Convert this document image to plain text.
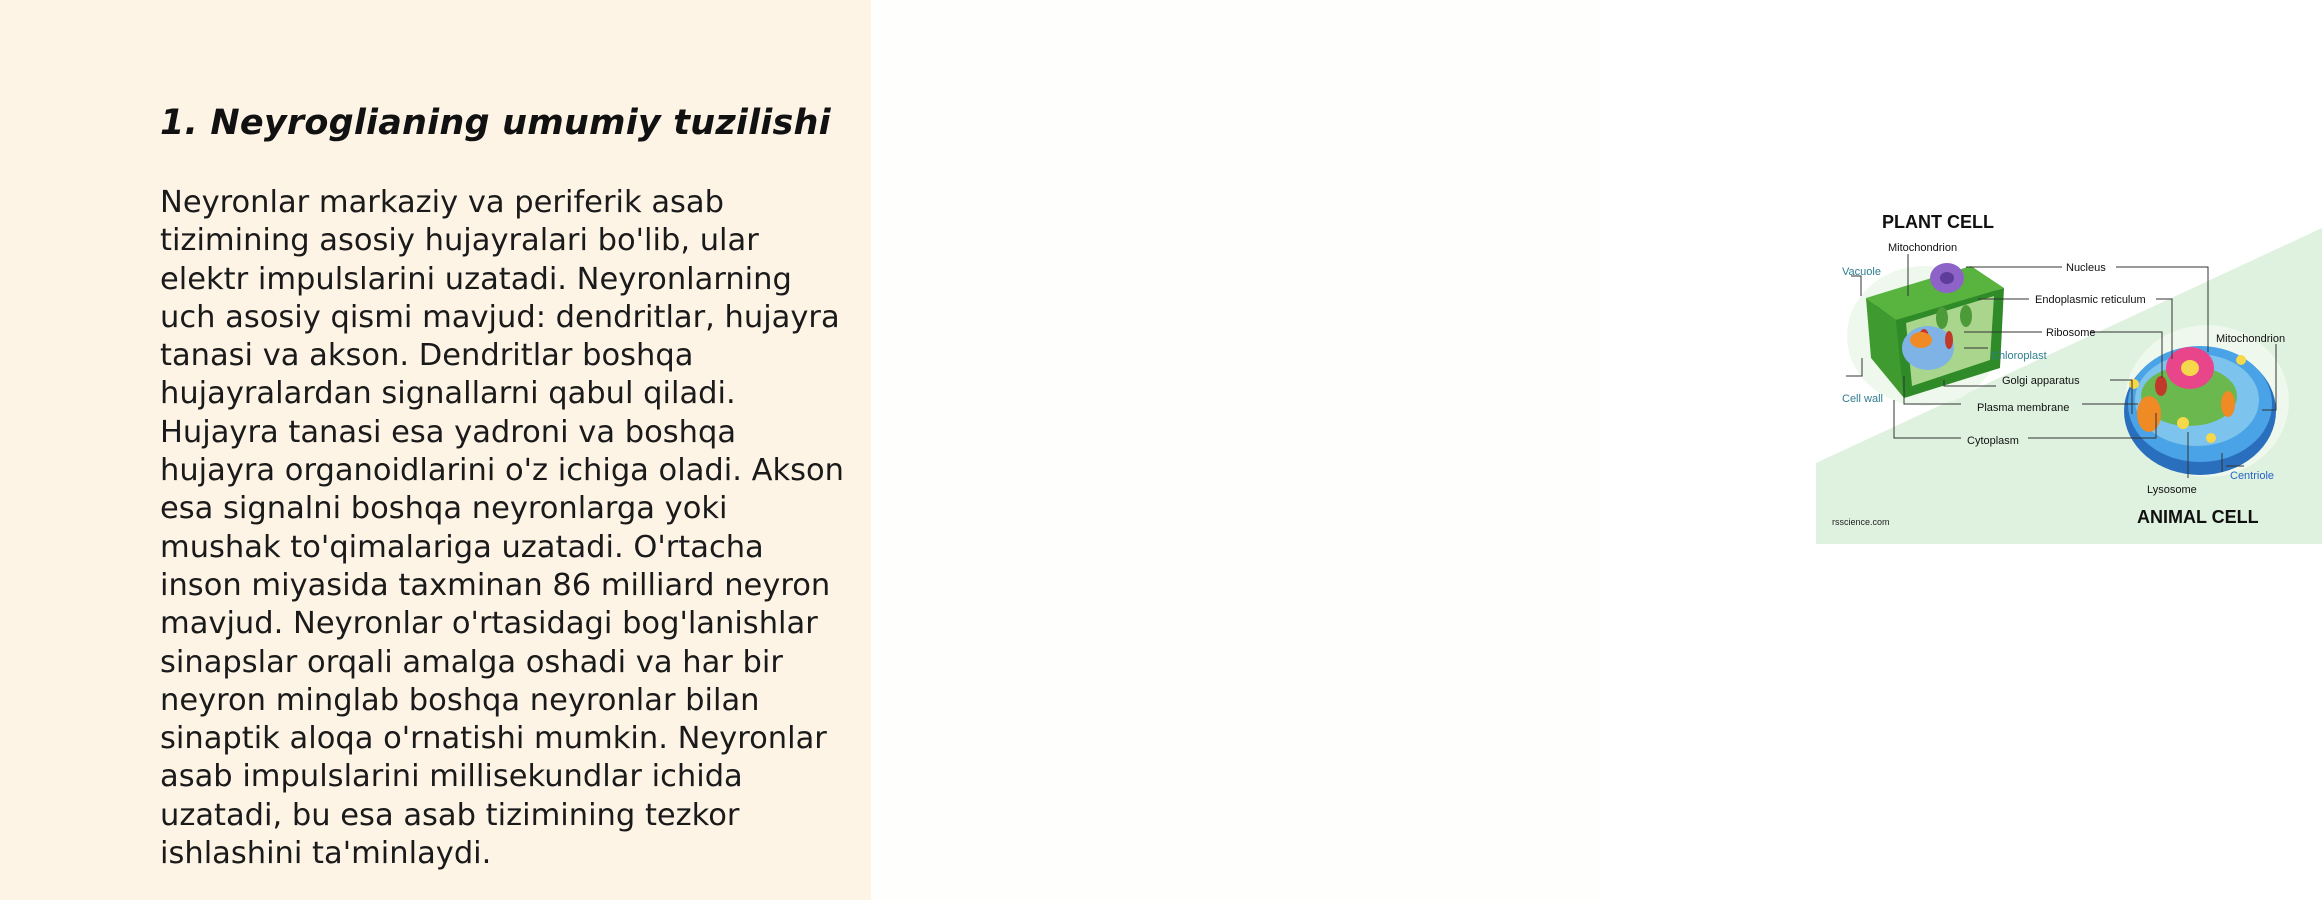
1. Neyroglianing umumiy tuzilishi

Neyronlar markaziy va periferik asab tizimining asosiy hujayralari bo'lib, ular elektr impulslarini uzatadi. Neyronlarning uch asosiy qismi mavjud: dendritlar, hujayra tanasi va akson. Dendritlar boshqa hujayralardan signallarni qabul qiladi. Hujayra tanasi esa yadroni va boshqa hujayra organoidlarini o'z ichiga oladi. Akson esa signalni boshqa neyronlarga yoki mushak to'qimalariga uzatadi. O'rtacha inson miyasida taxminan 86 milliard neyron mavjud. Neyronlar o'rtasidagi bog'lanishlar sinapslar orqali amalga oshadi va har bir neyron minglab boshqa neyronlar bilan sinaptik aloqa o'rnatishi mumkin. Neyronlar asab impulslarini millisekundlar ichida uzatadi, bu esa asab tizimining tezkor ishlashini ta'minlaydi.

PLANT CELL
Mitochondrion
Vacuole	Nucleus
Endoplasmic reticulum
Ribosome	Mitochondrion
Chloroplast
Golgi apparatus
Cell wall
Plasma membrane
Cytoplasm
Centriole
Lysosome
ANIMAL CELL
rsscience.com
